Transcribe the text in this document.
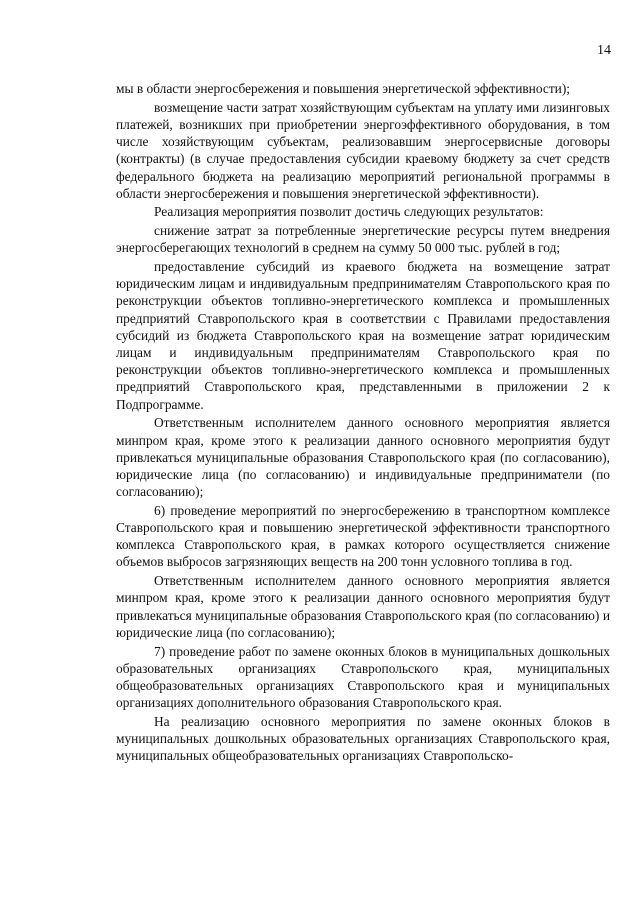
14

мы в области энергосбережения и повышения энергетической эффективности);

возмещение части затрат хозяйствующим субъектам на уплату ими лизинговых платежей, возникших при приобретении энергоэффективного оборудования, в том числе хозяйствующим субъектам, реализовавшим энергосервисные договоры (контракты) (в случае предоставления субсидии краевому бюджету за счет средств федерального бюджета на реализацию мероприятий региональной программы в области энергосбережения и повышения энергетической эффективности).

Реализация мероприятия позволит достичь следующих результатов:

снижение затрат за потребленные энергетические ресурсы путем внедрения энергосберегающих технологий в среднем на сумму 50 000 тыс. рублей в год;

предоставление субсидий из краевого бюджета на возмещение затрат юридическим лицам и индивидуальным предпринимателям Ставропольского края по реконструкции объектов топливно-энергетического комплекса и промышленных предприятий Ставропольского края в соответствии с Правилами предоставления субсидий из бюджета Ставропольского края на возмещение затрат юридическим лицам и индивидуальным предпринимателям Ставропольского края по реконструкции объектов топливно-энергетического комплекса и промышленных предприятий Ставропольского края, представленными в приложении 2 к Подпрограмме.

Ответственным исполнителем данного основного мероприятия является минпром края, кроме этого к реализации данного основного мероприятия будут привлекаться муниципальные образования Ставропольского края (по согласованию), юридические лица (по согласованию) и индивидуальные предприниматели (по согласованию);

6) проведение мероприятий по энергосбережению в транспортном комплексе Ставропольского края и повышению энергетической эффективности транспортного комплекса Ставропольского края, в рамках которого осуществляется снижение объемов выбросов загрязняющих веществ на 200 тонн условного топлива в год.

Ответственным исполнителем данного основного мероприятия является минпром края, кроме этого к реализации данного основного мероприятия будут привлекаться муниципальные образования Ставропольского края (по согласованию) и юридические лица (по согласованию);

7) проведение работ по замене оконных блоков в муниципальных дошкольных образовательных организациях Ставропольского края, муниципальных общеобразовательных организациях Ставропольского края и муниципальных организациях дополнительного образования Ставропольского края.

На реализацию основного мероприятия по замене оконных блоков в муниципальных дошкольных образовательных организациях Ставропольского края, муниципальных общеобразовательных организациях Ставропольско-
